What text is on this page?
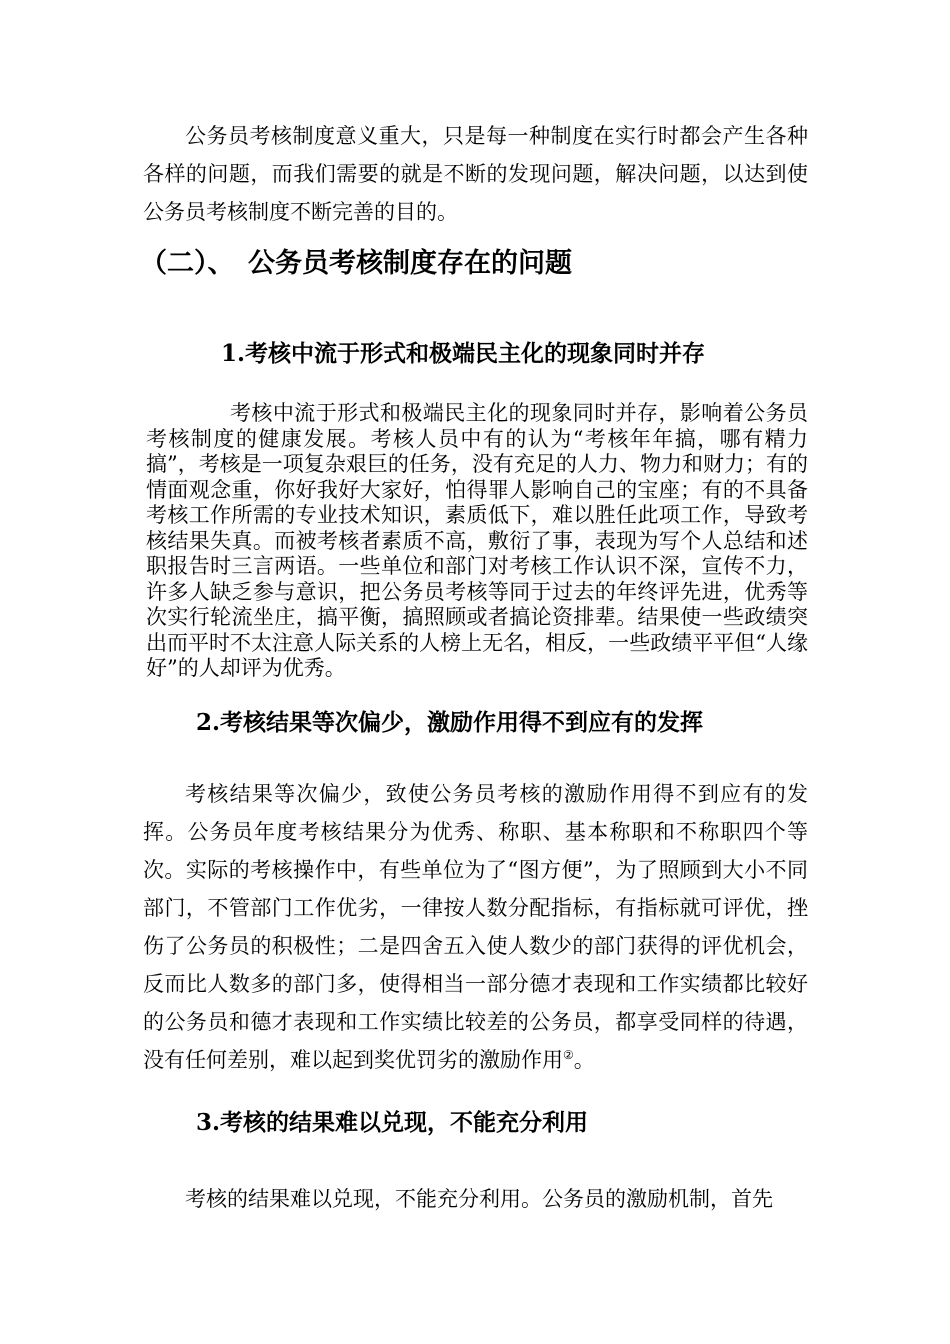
公务员考核制度意义重大，只是每一种制度在实行时都会产生各种各样的问题，而我们需要的就是不断的发现问题，解决问题，以达到使公务员考核制度不断完善的目的。

（二）、　公务员考核制度存在的问题
1.考核中流于形式和极端民主化的现象同时并存

考核中流于形式和极端民主化的现象同时并存，影响着公务员考核制度的健康发展。考核人员中有的认为“考核年年搞，哪有精力搞”，考核是一项复杂艰巨的任务，没有充足的人力、物力和财力；有的情面观念重，你好我好大家好，怕得罪人影响自己的宝座；有的不具备考核工作所需的专业技术知识，素质低下，难以胜任此项工作，导致考核结果失真。而被考核者素质不高，敷衍了事，表现为写个人总结和述职报告时三言两语。一些单位和部门对考核工作认识不深，宣传不力，许多人缺乏参与意识，把公务员考核等同于过去的年终评先进，优秀等次实行轮流坐庄，搞平衡，搞照顾或者搞论资排辈。结果使一些政绩突出而平时不太注意人际关系的人榜上无名，相反，一些政绩平平但“人缘好”的人却评为优秀。

2.考核结果等次偏少，激励作用得不到应有的发挥

考核结果等次偏少，致使公务员考核的激励作用得不到应有的发挥。公务员年度考核结果分为优秀、称职、基本称职和不称职四个等次。实际的考核操作中，有些单位为了“图方便”，为了照顾到大小不同部门，不管部门工作优劣，一律按人数分配指标，有指标就可评优，挫伤了公务员的积极性；二是四舍五入使人数少的部门获得的评优机会，反而比人数多的部门多，使得相当一部分德才表现和工作实绩都比较好的公务员和德才表现和工作实绩比较差的公务员，都享受同样的待遇，没有任何差别，难以起到奖优罚劣的激励作用②。

3.考核的结果难以兑现，不能充分利用

考核的结果难以兑现，不能充分利用。公务员的激励机制，首先
